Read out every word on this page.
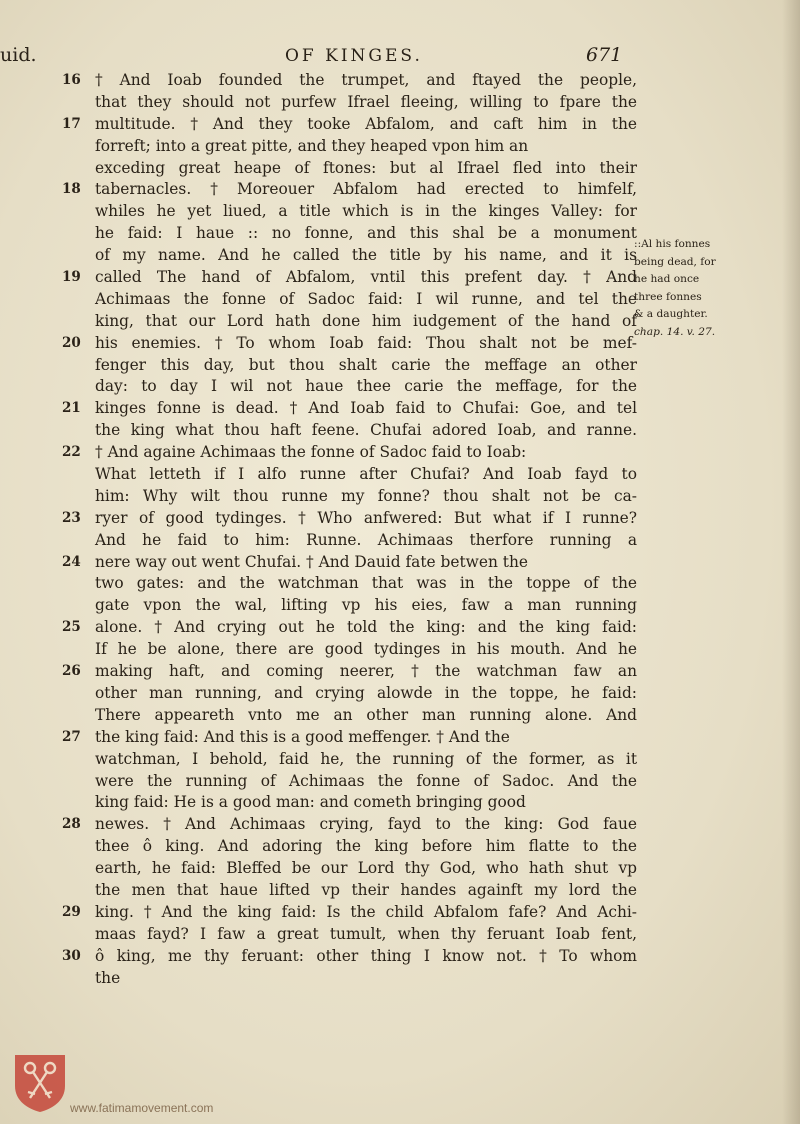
uid.	OF KINGES.	671
16 † And Ioab founded the trumpet, and ftayed the people,
that they should not purfew Ifrael fleeing, willing to fpare the
17 multitude. † And they tooke Abfalom, and caft him in the
forreft; into a great pitte, and they heaped vpon him an
exceding great heape of ftones: but al Ifrael fled into their
18 tabernacles. † Moreouer Abfalom had erected to himfelf,
whiles he yet liued, a title which is in the kinges Valley: for
he faid: I haue :: no fonne, and this shal be a monument
of my name. And he called the title by his name, and it is
19 called The hand of Abfalom, vntil this prefent day. † And
Achimaas the fonne of Sadoc faid: I wil runne, and tel the
king, that our Lord hath done him iudgement of the hand of
20 his enemies. † To whom Ioab faid: Thou shalt not be mef-
fenger this day, but thou shalt carie the meffage an other
day: to day I wil not haue thee carie the meffage, for the
21 kinges fonne is dead. † And Ioab faid to Chufai: Goe, and tel
the king what thou haft feene. Chufai adored Ioab, and ranne.
22 † And againe Achimaas the fonne of Sadoc faid to Ioab:
What letteth if I alfo runne after Chufai? And Ioab fayd to
him: Why wilt thou runne my fonne? thou shalt not be ca-
23 ryer of good tydinges. † Who anfwered: But what if I runne?
And he faid to him: Runne. Achimaas therfore running a
24 nere way out went Chufai. † And Dauid fate betwen the
two gates: and the watchman that was in the toppe of the
gate vpon the wal, lifting vp his eies, faw a man running
25 alone. † And crying out he told the king: and the king faid:
If he be alone, there are good tydinges in his mouth. And he
26 making haft, and coming neerer, † the watchman faw an
other man running, and crying alowde in the toppe, he faid:
There appeareth vnto me an other man running alone. And
27 the king faid: And this is a good meffenger. † And the
watchman, I behold, faid he, the running of the former, as it
were the running of Achimaas the fonne of Sadoc. And the
king faid: He is a good man: and cometh bringing good
28 newes. † And Achimaas crying, fayd to the king: God faue
thee ô king. And adoring the king before him flatte to the
earth, he faid: Bleffed be our Lord thy God, who hath shut vp
the men that haue lifted vp their handes againft my lord the
29 king. † And the king faid: Is the child Abfalom fafe? And Achi-
maas fayd? I faw a great tumult, when thy feruant Ioab fent,
30 ô king, me thy feruant: other thing I know not. † To whom
the
::Al his fonnes
being dead, for
he had once
three fonnes
& a daughter.
chap. 14. v. 27.
www.fatimamovement.com
